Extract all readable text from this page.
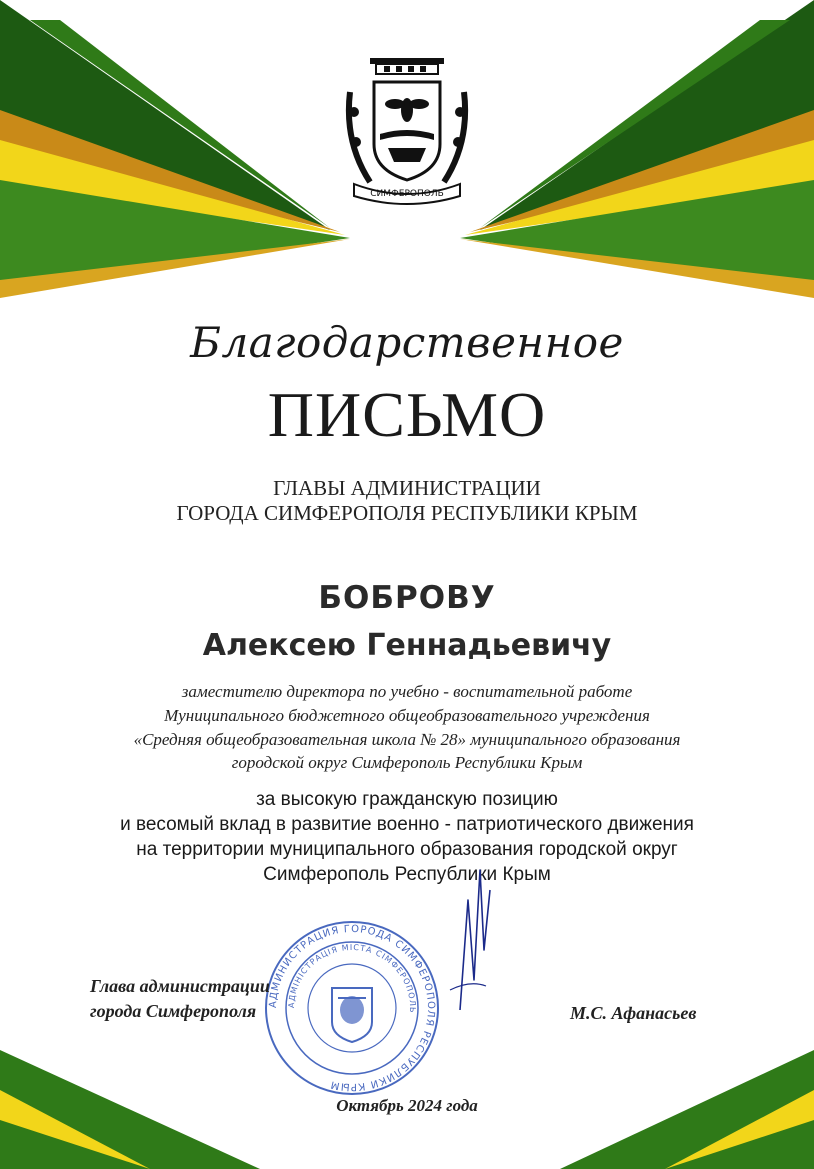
СИМФЕРОПОЛЬ
Благодарственное
ПИСЬМО
ГЛАВЫ АДМИНИСТРАЦИИ
ГОРОДА СИМФЕРОПОЛЯ РЕСПУБЛИКИ КРЫМ
БОБРОВУ
Алексею Геннадьевичу
заместителю директора по учебно - воспитательной работе
Муниципального бюджетного общеобразовательного учреждения
«Средняя общеобразовательная школа № 28» муниципального образования
городской округ Симферополь Республики Крым
за высокую гражданскую позицию
и весомый вклад в развитие военно - патриотического движения
на территории муниципального образования городской округ
Симферополь Республики Крым
АДМИНИСТРАЦИЯ ГОРОДА СИМФЕРОПОЛЯ РЕСПУБЛИКИ КРЫМ
АДМІНІСТРАЦІЯ МІСТА СІМФЕРОПОЛЬ
Глава администрации
города Симферополя	М.С. Афанасьев
Октябрь 2024 года
